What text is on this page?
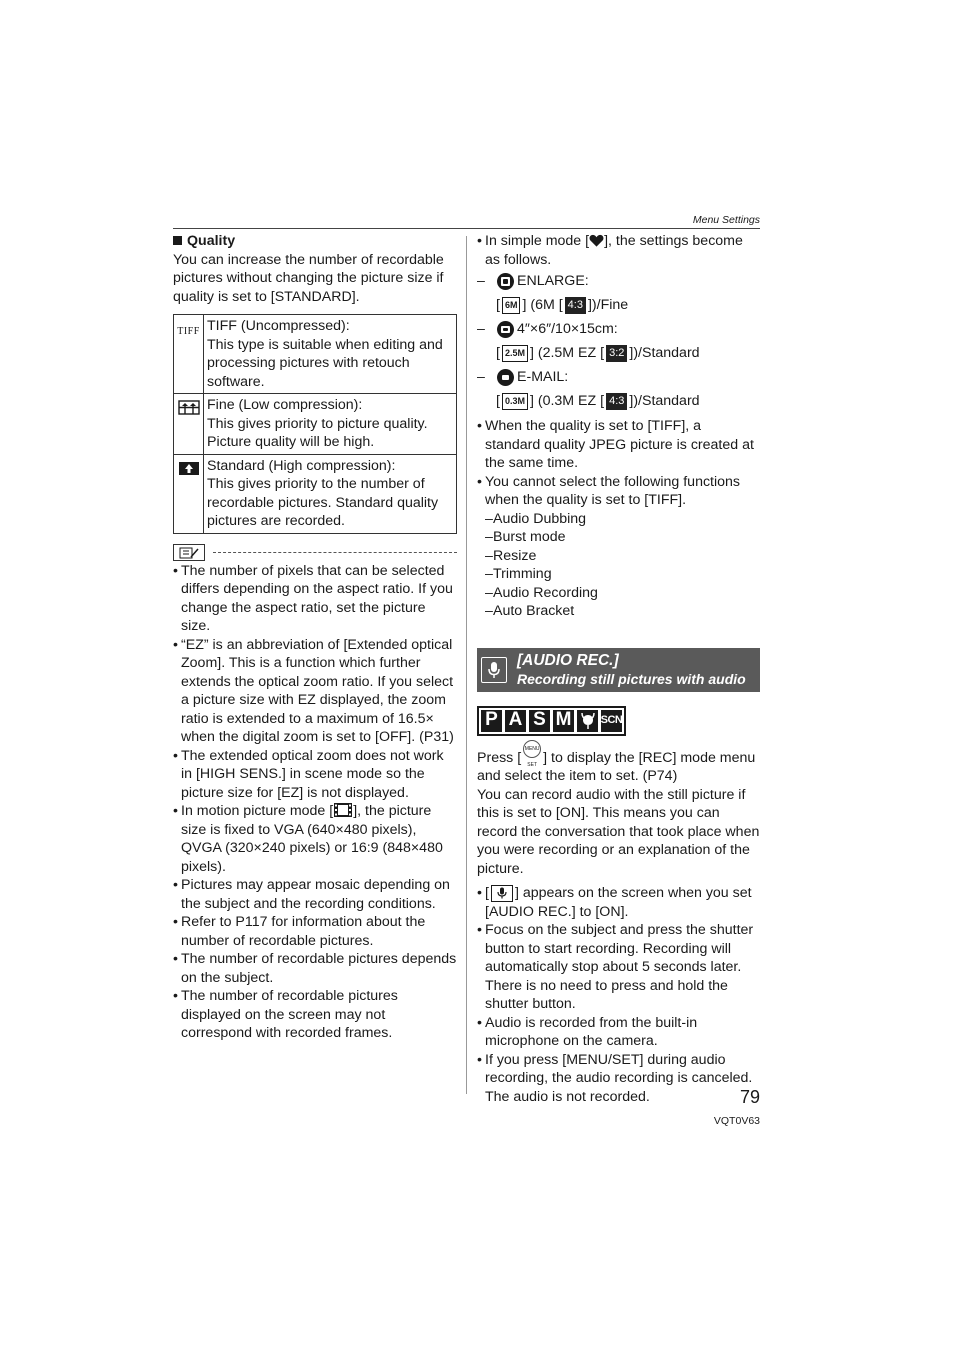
Menu Settings
Quality

You can increase the number of recordable pictures without changing the picture size if quality is set to [STANDARD].

TIFF	TIFF (Uncompressed):
This type is suitable when editing and processing pictures with retouch software.

Fine (Low compression):
This gives priority to picture quality. Picture quality will be high.

Standard (High compression):
This gives priority to the number of recordable pictures. Standard quality pictures are recorded.
• The number of pixels that can be selected differs depending on the aspect ratio. If you change the aspect ratio, set the picture size.
• “EZ” is an abbreviation of [Extended optical Zoom]. This is a function which further extends the optical zoom ratio. If you select a picture size with EZ displayed, the zoom ratio is extended to a maximum of 16.5× when the digital zoom is set to [OFF]. (P31)
• The extended optical zoom does not work in [HIGH SENS.] in scene mode so the picture size for [EZ] is not displayed.
• In motion picture mode [ ], the picture size is fixed to VGA (640×480 pixels), QVGA (320×240 pixels) or 16:9 (848×480 pixels).
• Pictures may appear mosaic depending on the subject and the recording conditions.
• Refer to P117 for information about the number of recordable pictures.
• The number of recordable pictures depends on the subject.
• The number of recordable pictures displayed on the screen may not correspond with recorded frames.
• In simple mode [ ], the settings become as follows.
– ENLARGE:
[ 6M ] (6M [ 4:3 ])/Fine
– 4″×6″/10×15cm:
[ 2.5M ] (2.5M EZ [ 3:2 ])/Standard
– E-MAIL:
[ 0.3M ] (0.3M EZ [ 4:3 ])/Standard
• When the quality is set to [TIFF], a standard quality JPEG picture is created at the same time.
• You cannot select the following functions when the quality is set to [TIFF].
– Audio Dubbing
– Burst mode
– Resize
– Trimming
– Audio Recording
– Auto Bracket
[AUDIO REC.]
Recording still pictures with audio
P A S M	SCN

Press [MENU SET ] to display the [REC] mode menu and select the item to set. (P74)

You can record audio with the still picture if this is set to [ON]. This means you can record the conversation that took place when you were recording or an explanation of the picture.

• [ ] appears on the screen when you set [AUDIO REC.] to [ON].
• Focus on the subject and press the shutter button to start recording. Recording will automatically stop about 5 seconds later. There is no need to press and hold the shutter button.
• Audio is recorded from the built-in microphone on the camera.
• If you press [MENU/SET] during audio recording, the audio recording is canceled. The audio is not recorded.	79
VQT0V63
